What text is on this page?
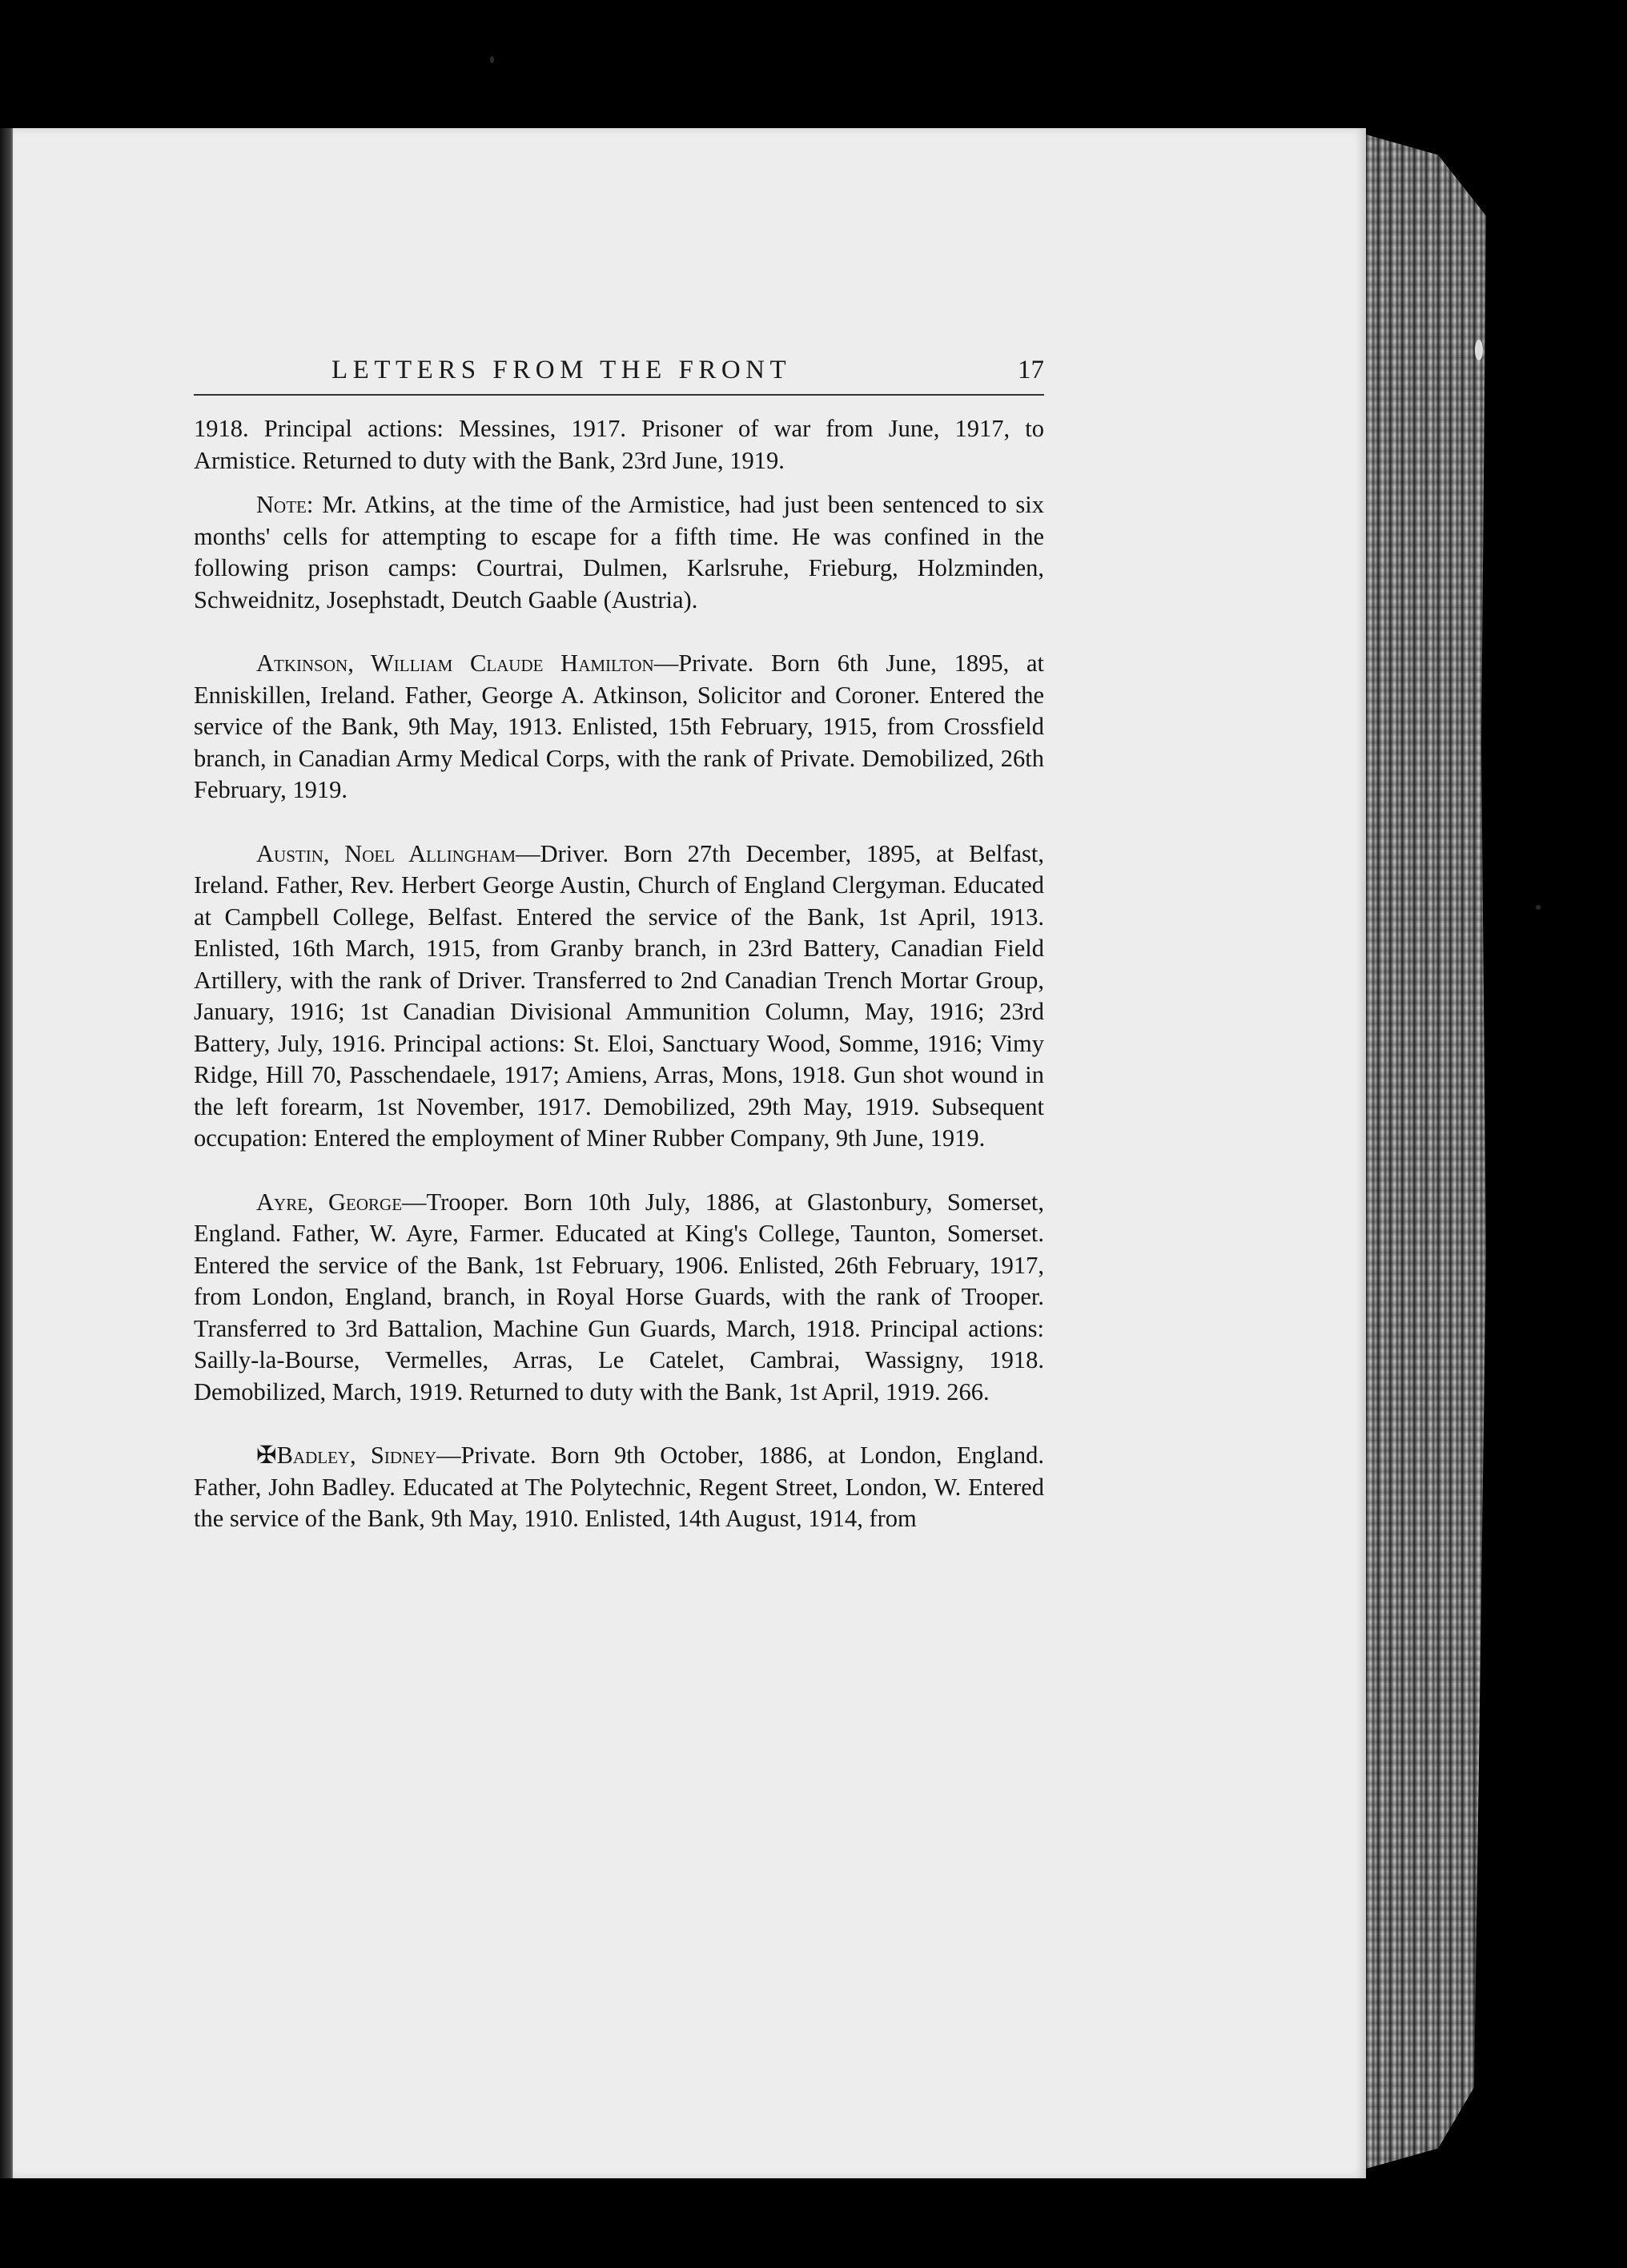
LETTERS FROM THE FRONT	17

1918. Principal actions: Messines, 1917. Prisoner of war from June, 1917, to Armistice. Returned to duty with the Bank, 23rd June, 1919.

Note: Mr. Atkins, at the time of the Armistice, had just been sentenced to six months' cells for attempting to escape for a fifth time. He was confined in the following prison camps: Courtrai, Dulmen, Karlsruhe, Frieburg, Holzminden, Schweidnitz, Josephstadt, Deutch Gaable (Austria).

Atkinson, William Claude Hamilton—Private. Born 6th June, 1895, at Enniskillen, Ireland. Father, George A. Atkinson, Solicitor and Coroner. Entered the service of the Bank, 9th May, 1913. Enlisted, 15th February, 1915, from Crossfield branch, in Canadian Army Medical Corps, with the rank of Private. Demobilized, 26th February, 1919.

Austin, Noel Allingham—Driver. Born 27th December, 1895, at Belfast, Ireland. Father, Rev. Herbert George Austin, Church of England Clergyman. Educated at Campbell College, Belfast. Entered the service of the Bank, 1st April, 1913. Enlisted, 16th March, 1915, from Granby branch, in 23rd Battery, Canadian Field Artillery, with the rank of Driver. Transferred to 2nd Canadian Trench Mortar Group, January, 1916; 1st Canadian Divisional Ammunition Column, May, 1916; 23rd Battery, July, 1916. Principal actions: St. Eloi, Sanctuary Wood, Somme, 1916; Vimy Ridge, Hill 70, Passchendaele, 1917; Amiens, Arras, Mons, 1918. Gun shot wound in the left forearm, 1st November, 1917. Demobilized, 29th May, 1919. Subsequent occupation: Entered the employment of Miner Rubber Company, 9th June, 1919.

Ayre, George—Trooper. Born 10th July, 1886, at Glastonbury, Somerset, England. Father, W. Ayre, Farmer. Educated at King's College, Taunton, Somerset. Entered the service of the Bank, 1st February, 1906. Enlisted, 26th February, 1917, from London, England, branch, in Royal Horse Guards, with the rank of Trooper. Transferred to 3rd Battalion, Machine Gun Guards, March, 1918. Principal actions: Sailly-la-Bourse, Vermelles, Arras, Le Catelet, Cambrai, Wassigny, 1918. Demobilized, March, 1919. Returned to duty with the Bank, 1st April, 1919. 266.

✠Badley, Sidney—Private. Born 9th October, 1886, at London, England. Father, John Badley. Educated at The Polytechnic, Regent Street, London, W. Entered the service of the Bank, 9th May, 1910. Enlisted, 14th August, 1914, from
